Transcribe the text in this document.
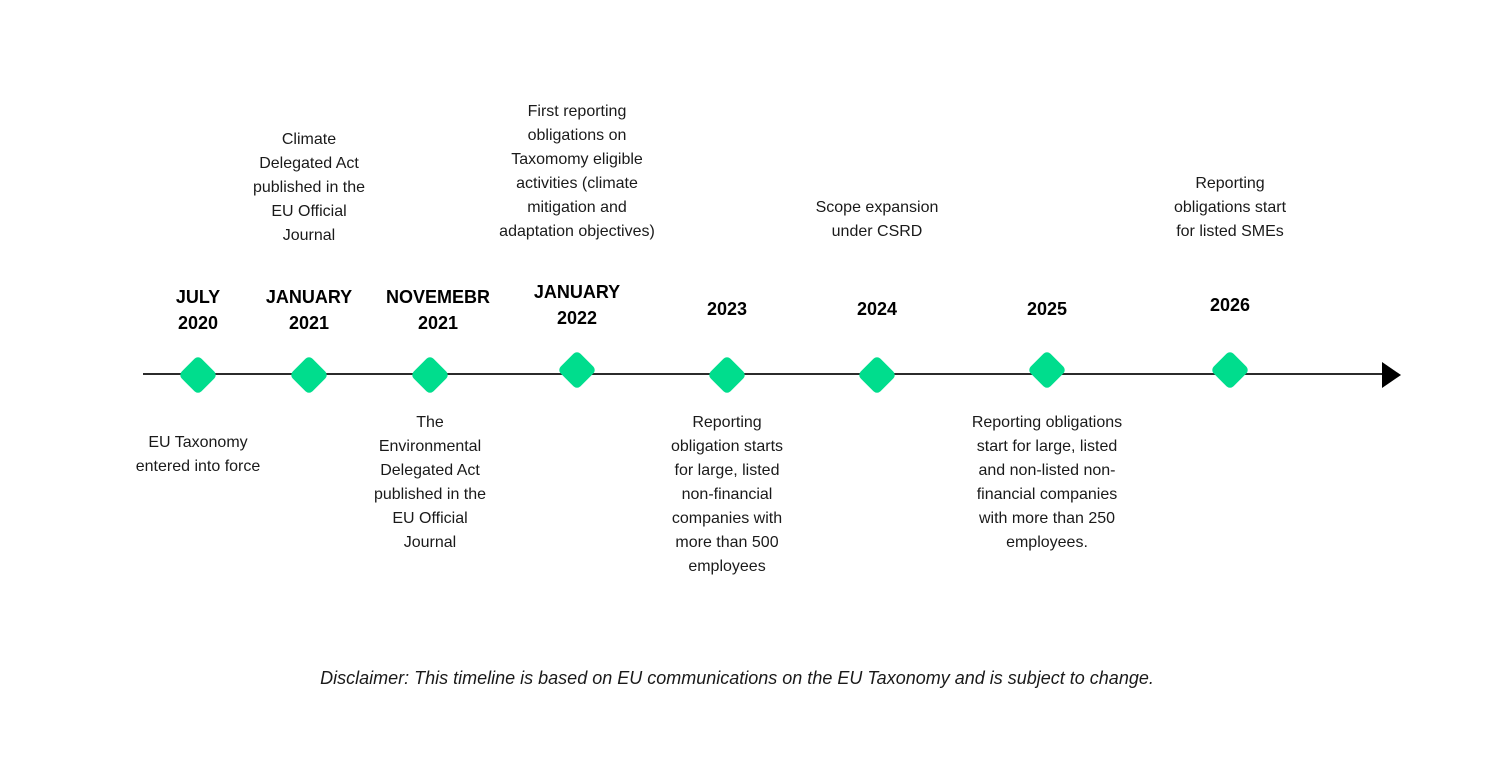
JULY
2020
EU Taxonomy entered into force
Climate Delegated Act published in the EU Official Journal
JANUARY
2021
NOVEMEBR
2021
The Environmental Delegated Act published in the EU Official Journal
First reporting obligations on Taxomomy eligible activities (climate mitigation and adaptation objectives)
JANUARY
2022	2023
Reporting obligation starts for large, listed non-financial companies with more than 500 employees
Scope expansion under CSRD
2024	2025
Reporting obligations start for large, listed and non-listed non-financial companies with more than 250 employees.
Reporting obligations start for listed SMEs
2026
Disclaimer: This timeline is based on EU communications on the EU Taxonomy and is subject to change.
